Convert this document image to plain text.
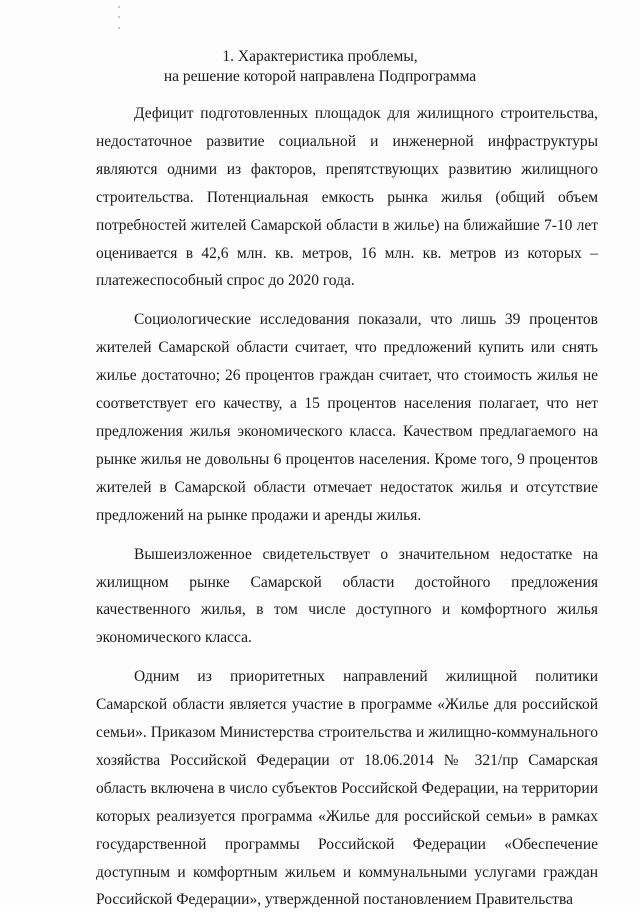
1. Характеристика проблемы,
на решение которой направлена Подпрограмма

Дефицит подготовленных площадок для жилищного строительства, недостаточное развитие социальной и инженерной инфраструктуры являются одними из факторов, препятствующих развитию жилищного строительства. Потенциальная емкость рынка жилья (общий объем потребностей жителей Самарской области в жилье) на ближайшие 7-10 лет оценивается в 42,6 млн. кв. метров, 16 млн. кв. метров из которых – платежеспособный спрос до 2020 года.

Социологические исследования показали, что лишь 39 процентов жителей Самарской области считает, что предложений купить или снять жилье достаточно; 26 процентов граждан считает, что стоимость жилья не соответствует его качеству, а 15 процентов населения полагает, что нет предложения жилья экономического класса. Качеством предлагаемого на рынке жилья не довольны 6 процентов населения. Кроме того, 9 процентов жителей в Самарской области отмечает недостаток жилья и отсутствие предложений на рынке продажи и аренды жилья.

Вышеизложенное свидетельствует о значительном недостатке на жилищном рынке Самарской области достойного предложения качественного жилья, в том числе доступного и комфортного жилья экономического класса.

Одним из приоритетных направлений жилищной политики Самарской области является участие в программе «Жилье для российской семьи». Приказом Министерства строительства и жилищно-коммунального хозяйства Российской Федерации от 18.06.2014 № 321/пр Самарская область включена в число субъектов Российской Федерации, на территории которых реализуется программа «Жилье для российской семьи» в рамках государственной программы Российской Федерации «Обеспечение доступным и комфортным жильем и коммунальными услугами граждан Российской Федерации», утвержденной постановлением Правительства
